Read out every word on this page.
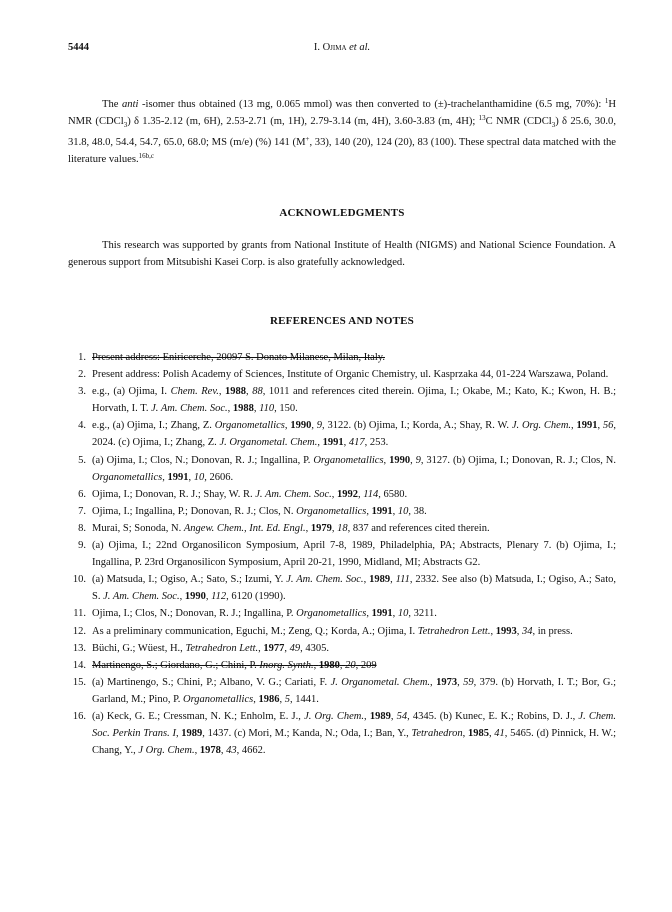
5444	I. Ojima et al.

The anti -isomer thus obtained (13 mg, 0.065 mmol) was then converted to (±)-trachelanthamidine (6.5 mg, 70%): $^1$H NMR (CDCl$_3$) δ 1.35-2.12 (m, 6H), 2.53-2.71 (m, 1H), 2.79-3.14 (m, 4H), 3.60-3.83 (m, 4H); $^{13}$C NMR (CDCl$_3$) δ 25.6, 30.0, 31.8, 48.0, 54.4, 54.7, 65.0, 68.0; MS (m/e) (%) 141 (M+, 33), 140 (20), 124 (20), 83 (100). These spectral data matched with the literature values.$^{16b,c}$

ACKNOWLEDGMENTS

This research was supported by grants from National Institute of Health (NIGMS) and National Science Foundation. A generous support from Mitsubishi Kasei Corp. is also gratefully acknowledged.

REFERENCES AND NOTES
1. Present address: Eniricerche, 20097 S. Donato Milanese, Milan, Italy.
2. Present address: Polish Academy of Sciences, Institute of Organic Chemistry, ul. Kasprzaka 44, 01-224 Warszawa, Poland.
3. e.g., (a) Ojima, I. Chem. Rev., 1988, 88, 1011 and references cited therein. Ojima, I.; Okabe, M.; Kato, K.; Kwon, H. B.; Horvath, I. T. J. Am. Chem. Soc., 1988, 110, 150.
4. e.g., (a) Ojima, I.; Zhang, Z. Organometallics, 1990, 9, 3122. (b) Ojima, I.; Korda, A.; Shay, R. W. J. Org. Chem., 1991, 56, 2024. (c) Ojima, I.; Zhang, Z. J. Organometal. Chem., 1991, 417, 253.
5. (a) Ojima, I.; Clos, N.; Donovan, R. J.; Ingallina, P. Organometallics, 1990, 9, 3127. (b) Ojima, I.; Donovan, R. J.; Clos, N. Organometallics, 1991, 10, 2606.
6. Ojima, I.; Donovan, R. J.; Shay, W. R. J. Am. Chem. Soc., 1992, 114, 6580.
7. Ojima, I.; Ingallina, P.; Donovan, R. J.; Clos, N. Organometallics, 1991, 10, 38.
8. Murai, S; Sonoda, N. Angew. Chem., Int. Ed. Engl., 1979, 18, 837 and references cited therein.
9. (a) Ojima, I.; 22nd Organosilicon Symposium, April 7-8, 1989, Philadelphia, PA; Abstracts, Plenary 7. (b) Ojima, I.; Ingallina, P. 23rd Organosilicon Symposium, April 20-21, 1990, Midland, MI; Abstracts G2.
10. (a) Matsuda, I.; Ogiso, A.; Sato, S.; Izumi, Y. J. Am. Chem. Soc., 1989, 111, 2332. See also (b) Matsuda, I.; Ogiso, A.; Sato, S. J. Am. Chem. Soc., 1990, 112, 6120 (1990).
11. Ojima, I.; Clos, N.; Donovan, R. J.; Ingallina, P. Organometallics, 1991, 10, 3211.
12. As a preliminary communication, Eguchi, M.; Zeng, Q.; Korda, A.; Ojima, I. Tetrahedron Lett., 1993, 34, in press.
13. Büchi, G.; Wüest, H., Tetrahedron Lett., 1977, 49, 4305.
14. Martinengo, S.; Giordano, G.; Chini, P. Inorg. Synth., 1980, 20, 209
15. (a) Martinengo, S.; Chini, P.; Albano, V. G.; Cariati, F. J. Organometal. Chem., 1973, 59, 379. (b) Horvath, I. T.; Bor, G.; Garland, M.; Pino, P. Organometallics, 1986, 5, 1441.
16. (a) Keck, G. E.; Cressman, N. K.; Enholm, E. J., J. Org. Chem., 1989, 54, 4345. (b) Kunec, E. K.; Robins, D. J., J. Chem. Soc. Perkin Trans. I, 1989, 1437. (c) Mori, M.; Kanda, N.; Oda, I.; Ban, Y., Tetrahedron, 1985, 41, 5465. (d) Pinnick, H. W.; Chang, Y., J Org. Chem., 1978, 43, 4662.
